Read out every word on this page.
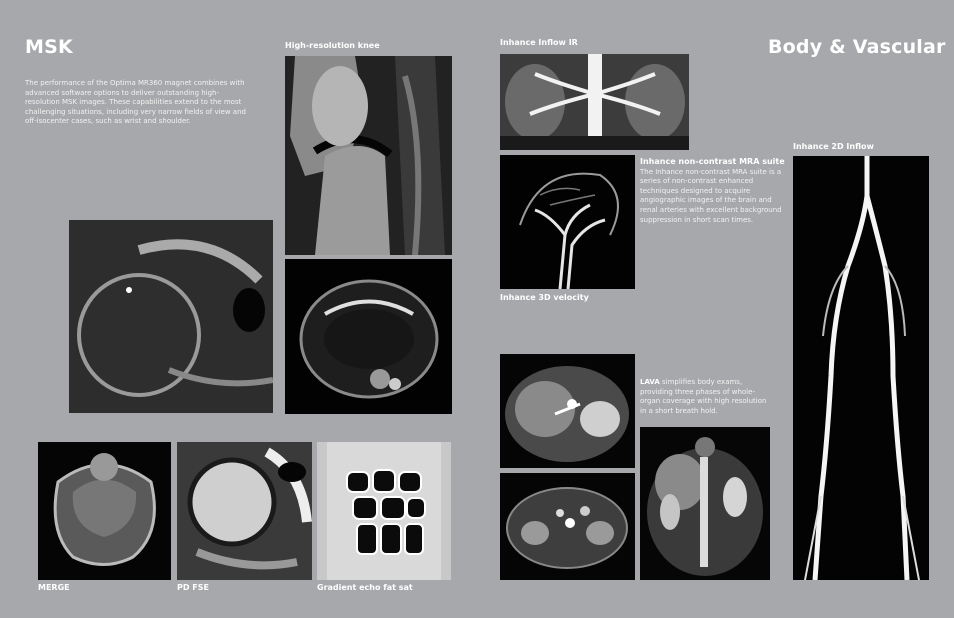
MSK
The performance of the Optima MR360 magnet combines with advanced software options to deliver outstanding high-resolution MSK images. These capabilities extend to the most challenging situations, including very narrow fields of view and off-isocenter cases, such as wrist and shoulder.
High-resolution knee
MERGE	PD FSE	Gradient echo fat sat
Body & Vascular
Inhance Inflow IR
Inhance 3D velocity
Inhance non-contrast MRA suite
The Inhance non-contrast MRA suite is a series of non-contrast enhanced techniques designed to acquire angiographic images of the brain and renal arteries with excellent background suppression in short scan times.
Inhance 2D Inflow
LAVA simplifies body exams, providing three phases of whole-organ coverage with high resolution in a short breath hold.
